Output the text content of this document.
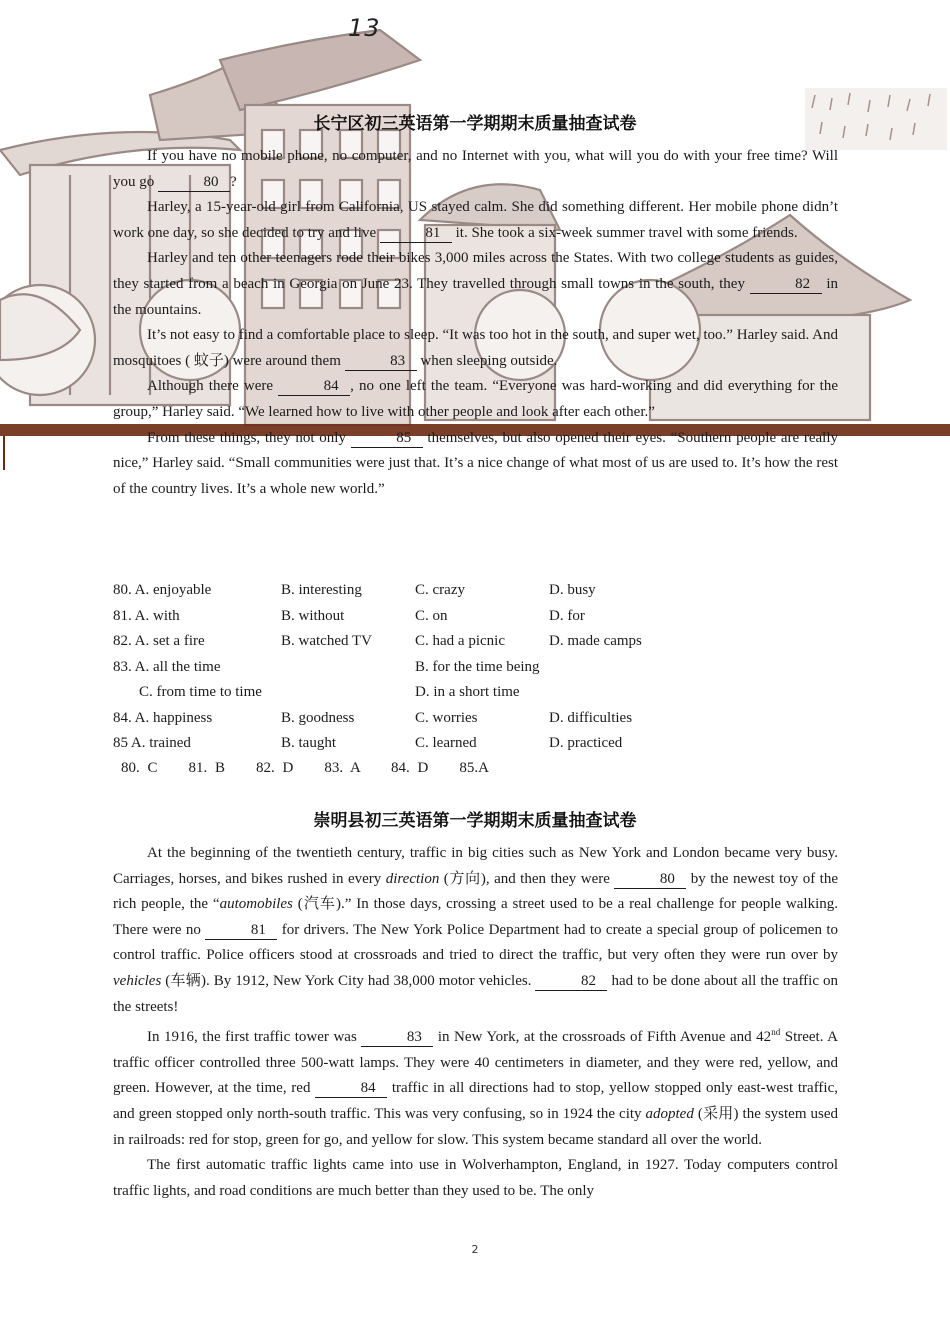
13
长宁区初三英语第一学期期末质量抽查试卷

If you have no mobile phone, no computer, and no Internet with you, what will you do with your free time? Will you go	80 ?

Harley, a 15-year-old girl from California, US stayed calm. She did something different. Her mobile phone didn’t work one day, so she decided to try and live	81 it. She took a six-week summer travel with some friends.

Harley and ten other teenagers rode their bikes 3,000 miles across the States. With two college students as guides, they started from a beach in Georgia on June 23. They travelled through small towns in the south, they	82 in the mountains.

It’s not easy to find a comfortable place to sleep. “It was too hot in the south, and super wet, too.” Harley said. And mosquitoes ( 蚊子) were around them	83 when sleeping outside.

Although there were	84 , no one left the team. “Everyone was hard-working and did everything for the group,” Harley said. “We learned how to live with other people and look after each other.”

From these things, they not only	85 themselves, but also opened their eyes. “Southern people are really nice,” Harley said. “Small communities were just that. It’s a nice change of what most of us are used to. It’s how the rest of the country lives. It’s a whole new world.”

80. A. enjoyable	B. interesting	C. crazy	D. busy
81. A. with	B. without	C. on	D. for
82. A. set a fire	B. watched TV	C. had a picnic	D. made camps
83. A. all the time	B. for the time being
C. from time to time	D. in a short time
84. A. happiness	B. goodness	C. worries	D. difficulties
85 A. trained	B. taught	C. learned	D. practiced
80. C    81. B    82. D    83. A    84. D    85.A
崇明县初三英语第一学期期末质量抽查试卷

At the beginning of the twentieth century, traffic in big cities such as New York and London became very busy. Carriages, horses, and bikes rushed in every direction (方向), and then they were	80 by the newest toy of the rich people, the “automobiles (汽车).” In those days, crossing a street used to be a real challenge for people walking. There were no	81 for drivers. The New York Police Department had to create a special group of policemen to control traffic. Police officers stood at crossroads and tried to direct the traffic, but very often they were run over by vehicles (车辆). By 1912, New York City had 38,000 motor vehicles.	82 had to be done about all the traffic on the streets!

In 1916, the first traffic tower was	83 in New York, at the crossroads of Fifth Avenue and 42nd Street. A traffic officer controlled three 500-watt lamps. They were 40 centimeters in diameter, and they were red, yellow, and green. However, at the time, red	84 traffic in all directions had to stop, yellow stopped only east-west traffic, and green stopped only north-south traffic. This was very confusing, so in 1924 the city adopted (采用) the system used in railroads: red for stop, green for go, and yellow for slow. This system became standard all over the world.

The first automatic traffic lights came into use in Wolverhampton, England, in 1927. Today computers control traffic lights, and road conditions are much better than they used to be. The only

2
